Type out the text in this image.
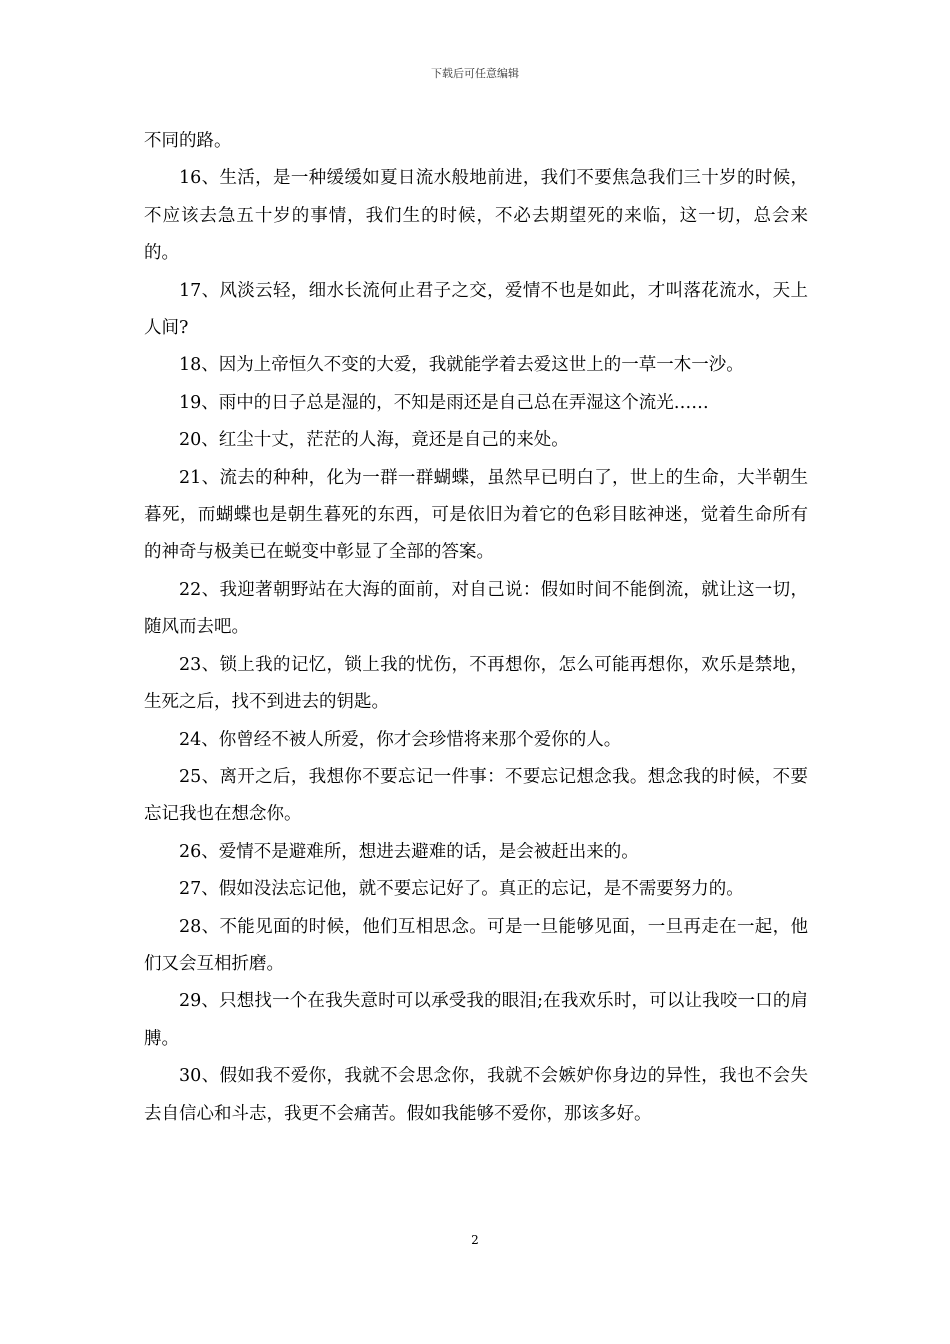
下载后可任意编辑

不同的路。

16、生活，是一种缓缓如夏日流水般地前进，我们不要焦急我们三十岁的时候，不应该去急五十岁的事情，我们生的时候，不必去期望死的来临，这一切，总会来的。

17、风淡云轻，细水长流何止君子之交，爱情不也是如此，才叫落花流水，天上人间?

18、因为上帝恒久不变的大爱，我就能学着去爱这世上的一草一木一沙。

19、雨中的日子总是湿的，不知是雨还是自己总在弄湿这个流光……

20、红尘十丈，茫茫的人海，竟还是自己的来处。

21、流去的种种，化为一群一群蝴蝶，虽然早已明白了，世上的生命，大半朝生暮死，而蝴蝶也是朝生暮死的东西，可是依旧为着它的色彩目眩神迷，觉着生命所有的神奇与极美已在蜕变中彰显了全部的答案。

22、我迎著朝野站在大海的面前，对自己说：假如时间不能倒流，就让这一切，随风而去吧。

23、锁上我的记忆，锁上我的忧伤，不再想你，怎么可能再想你，欢乐是禁地，生死之后，找不到进去的钥匙。

24、你曾经不被人所爱，你才会珍惜将来那个爱你的人。

25、离开之后，我想你不要忘记一件事：不要忘记想念我。想念我的时候，不要忘记我也在想念你。

26、爱情不是避难所，想进去避难的话，是会被赶出来的。

27、假如没法忘记他，就不要忘记好了。真正的忘记，是不需要努力的。

28、不能见面的时候，他们互相思念。可是一旦能够见面，一旦再走在一起，他们又会互相折磨。

29、只想找一个在我失意时可以承受我的眼泪;在我欢乐时，可以让我咬一口的肩膊。

30、假如我不爱你，我就不会思念你，我就不会嫉妒你身边的异性，我也不会失去自信心和斗志，我更不会痛苦。假如我能够不爱你，那该多好。

2
